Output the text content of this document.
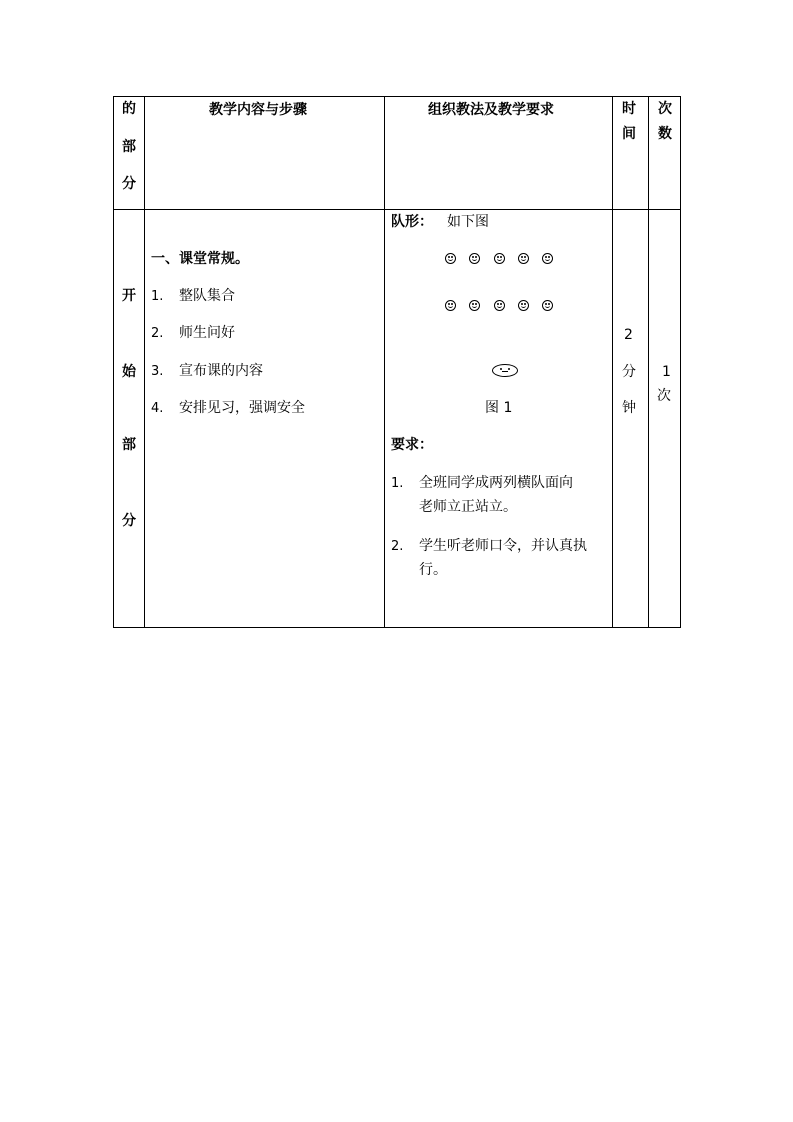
的
部
分
教学内容与步骤	组织教法及教学要求	时
间
次
数
开
始
部
分
一、课堂常规。
1. 整队集合
2. 师生问好
3. 宣布课的内容
4. 安排见习，强调安全
队形： 如下图
图 1
要求：
1. 全班同学成两列横队面向
老师立正站立。
2. 学生听老师口令，并认真执
行。
2
分
钟
1
次
